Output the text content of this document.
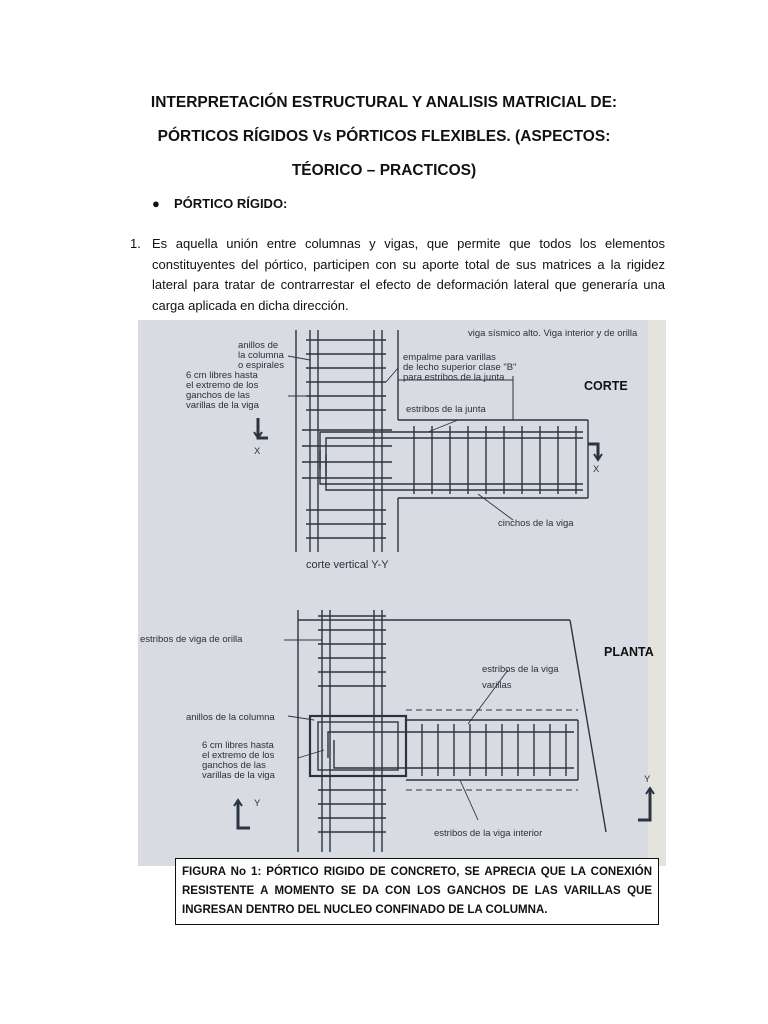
INTERPRETACIÓN ESTRUCTURAL Y ANALISIS MATRICIAL DE:
PÓRTICOS RÍGIDOS Vs PÓRTICOS FLEXIBLES. (ASPECTOS:
TÉORICO – PRACTICOS)
● PÓRTICO RÍGIDO:
1. Es aquella unión entre columnas y vigas, que permite que todos los elementos constituyentes del pórtico, participen con su aporte total de sus matrices a la rigidez lateral para tratar de contrarrestar el efecto de deformación lateral que generaría una carga aplicada en dicha dirección.
viga sísmico alto. Viga interior y de orilla
anillos de
la columna
o espirales
6 cm libres hasta
el extremo de los
ganchos de las
varillas de la viga
empalme para varillas
de lecho superior clase "B"
para estribos de la junta
estribos de la junta
X
X
cinchos de la viga
corte vertical Y-Y
CORTE
estribos de viga de orilla
estribos de la viga
varillas
anillos de la columna
6 cm libres hasta
el extremo de los
ganchos de las
varillas de la viga
estribos de la viga interior
Y
Y
PLANTA
FIGURA No 1: PÓRTICO RIGIDO DE CONCRETO, SE APRECIA QUE LA CONEXIÓN RESISTENTE A MOMENTO SE DA CON LOS GANCHOS DE LAS VARILLAS QUE INGRESAN DENTRO DEL NUCLEO CONFINADO DE LA COLUMNA.
